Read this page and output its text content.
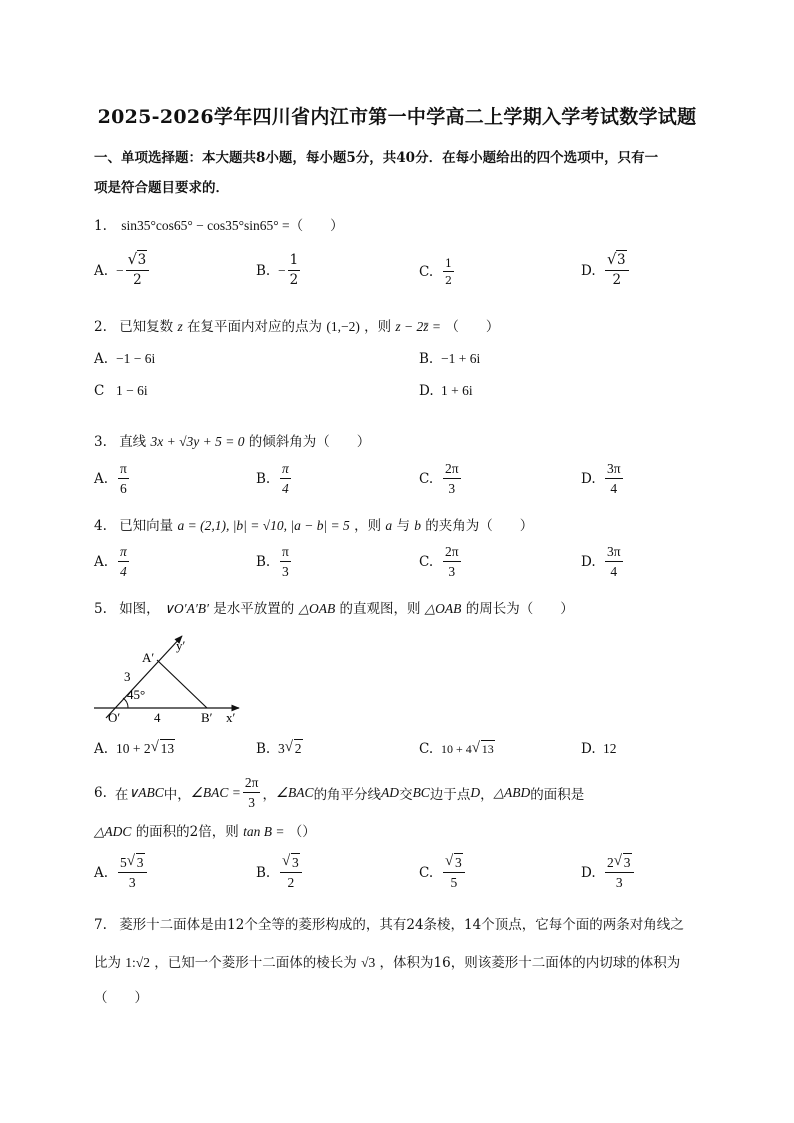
2025-2026学年四川省内江市第一中学高二上学期入学考试数学试题
一、单项选择题：本大题共8小题，每小题5分，共40分．在每小题给出的四个选项中，只有一
项是符合题目要求的．
1. sin35°cos65° − cos35°sin65° =（　　）
A. − $\frac{√ 3}{2}$	B. − $\frac{1}{2}$	C. $\frac{1}{2}$	D. $\frac{√ 3}{2}$
2. 已知复数 z 在复平面内对应的点为 (1,−2) ，则 z − 2z̄ = （　　）
A. −1 − 6i	B. −1 + 6i
C 1 − 6i	D. 1 + 6i
3. 直线 3x + √3y + 5 = 0 的倾斜角为（　　）
A. $\frac{\pi}{6}$	B. $\frac{\pi}{4}$	C. $\frac{2\pi}{3}$	D. $\frac{3\pi}{4}$
4. 已知向量 a = (2,1), |b| = √10, |a − b| = 5 ，则 a 与 b 的夹角为（　　）
A. $\frac{\pi}{4}$	B. $\frac{\pi}{3}$	C. $\frac{2\pi}{3}$	D. $\frac{3\pi}{4}$
5. 如图， ∨O′A′B′ 是水平放置的 △OAB 的直观图，则 △OAB 的周长为（　　）
A′
y′
3
45°
O′	4	B′ x′
A. 10 + 2 √ 13	B. 3 √ 2	C. 10 + 4 √ 13	D. 12
6. 在 ∨ABC 中， ∠BAC = $\frac{2\pi}{3}$ ， ∠BAC 的角平分线 AD 交 BC 边于点 D ， △ABD 的面积是
△ADC 的面积的2倍，则 tan B = （）
A. $\frac{5 √ 3}{3}$	B. $\frac{√ 3}{2}$	C. $\frac{√ 3}{5}$	D. $\frac{2 √ 3}{3}$
7. 菱形十二面体是由12个全等的菱形构成的，其有24条棱，14个顶点，它每个面的两条对角线之
比为 1:√2 ，已知一个菱形十二面体的棱长为 √3 ，体积为16，则该菱形十二面体的内切球的体积为
（　　）
